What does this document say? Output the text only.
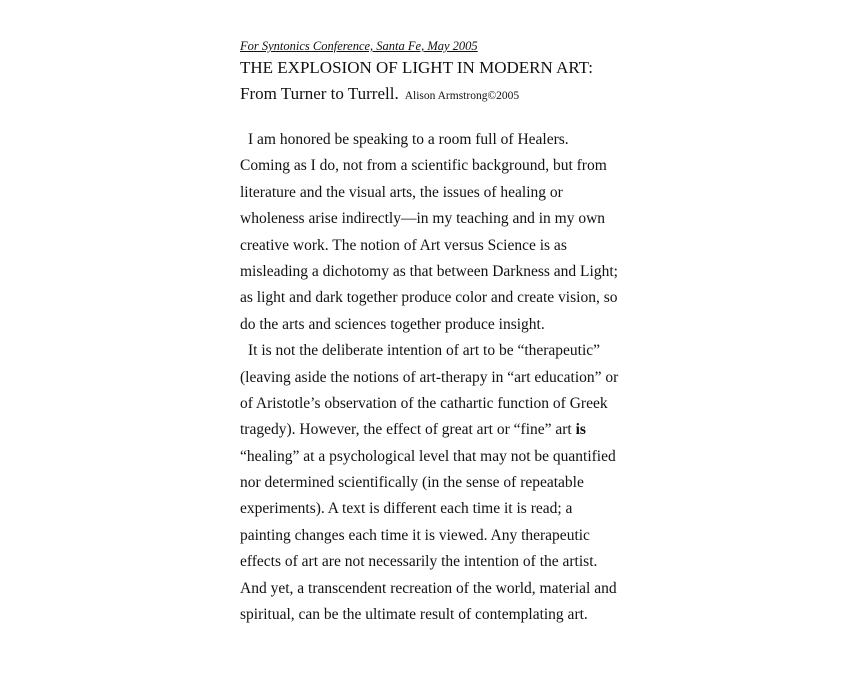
For Syntonics Conference, Santa Fe, May 2005
THE EXPLOSION OF LIGHT IN MODERN ART:
From Turner to Turrell. Alison Armstrong©2005
I am honored be speaking to a room full of Healers.
Coming as I do, not from a scientific background, but from
literature and the visual arts, the issues of healing or
wholeness arise indirectly—in my teaching and in my own
creative work. The notion of Art versus Science is as
misleading a dichotomy as that between Darkness and Light;
as light and dark together produce color and create vision, so
do the arts and sciences together produce insight.
It is not the deliberate intention of art to be “therapeutic”
(leaving aside the notions of art-therapy in “art education” or
of Aristotle’s observation of the cathartic function of Greek
tragedy). However, the effect of great art or “fine” art is
“healing” at a psychological level that may not be quantified
nor determined scientifically (in the sense of repeatable
experiments). A text is different each time it is read; a
painting changes each time it is viewed. Any therapeutic
effects of art are not necessarily the intention of the artist.
And yet, a transcendent recreation of the world, material and
spiritual, can be the ultimate result of contemplating art.
